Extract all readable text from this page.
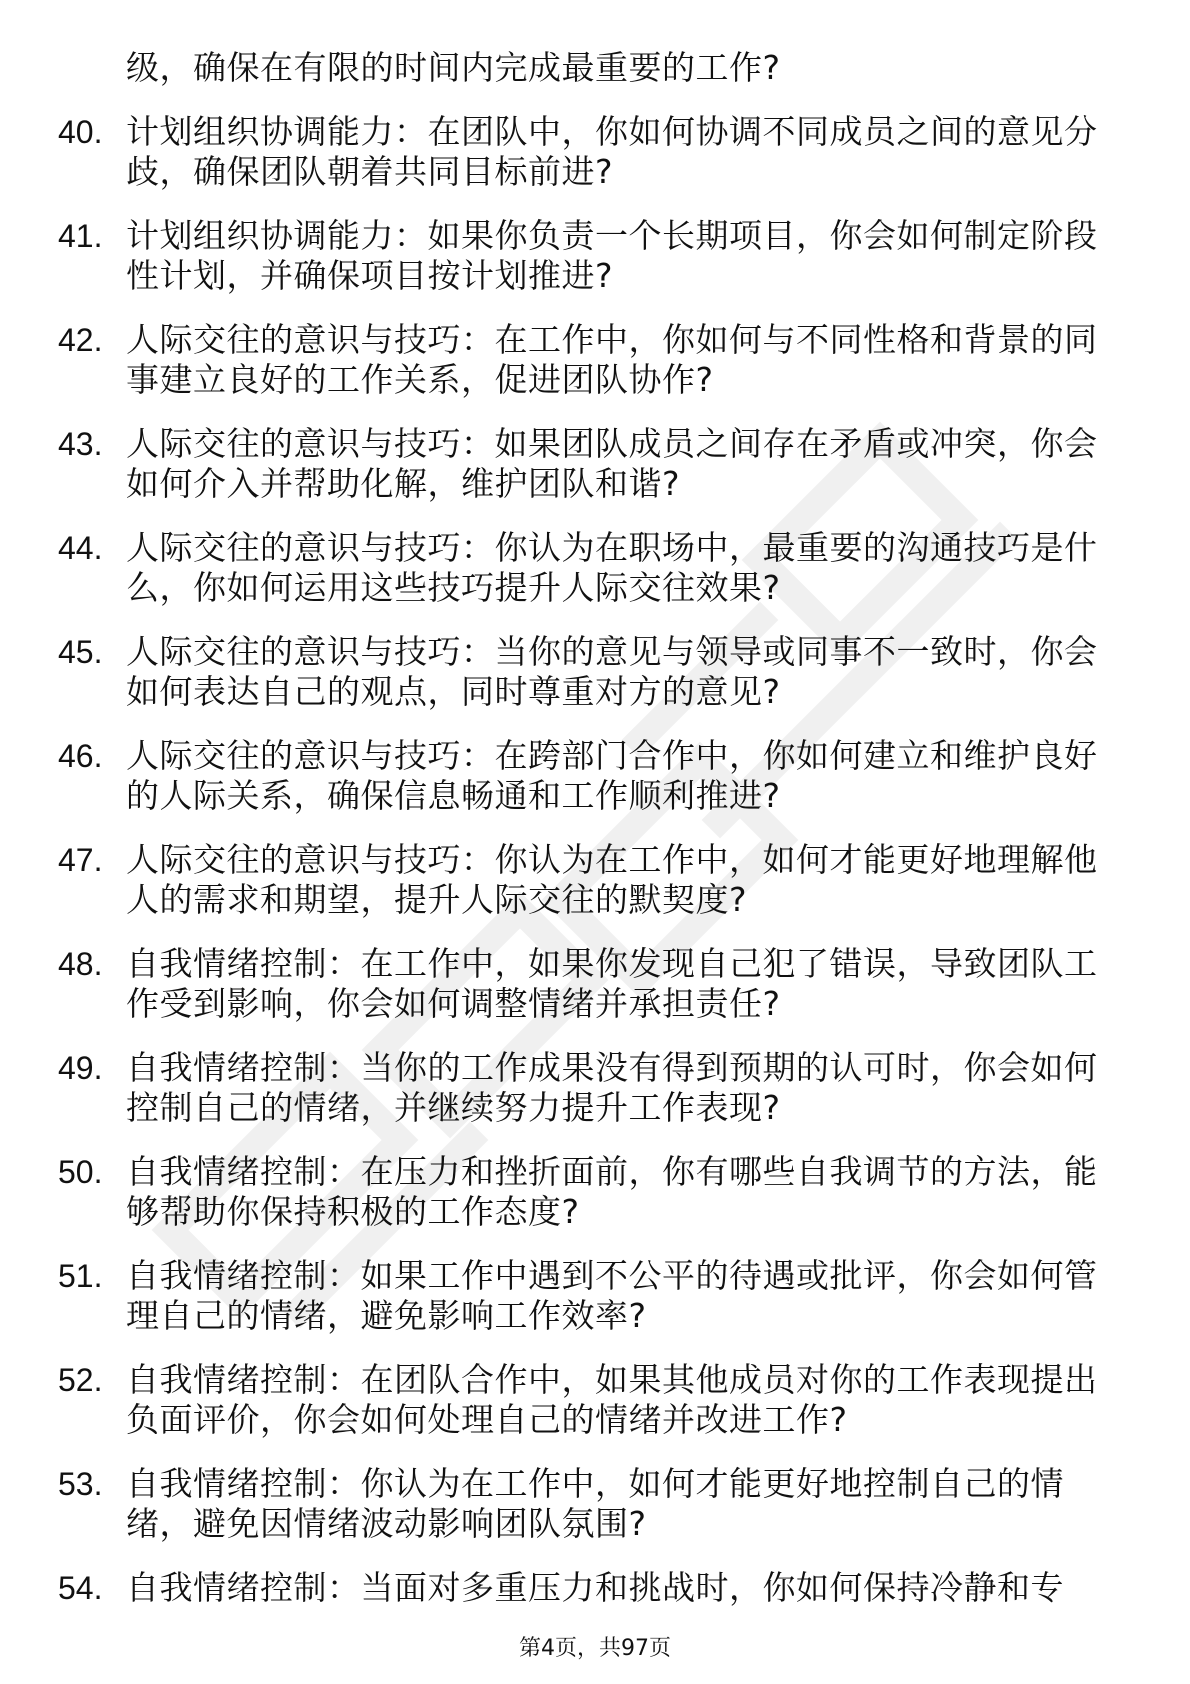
级，确保在有限的时间内完成最重要的工作?
40. 计划组织协调能力：在团队中，你如何协调不同成员之间的意见分歧，确保团队朝着共同目标前进?
41. 计划组织协调能力：如果你负责一个长期项目，你会如何制定阶段性计划，并确保项目按计划推进?
42. 人际交往的意识与技巧：在工作中，你如何与不同性格和背景的同事建立良好的工作关系，促进团队协作?
43. 人际交往的意识与技巧：如果团队成员之间存在矛盾或冲突，你会如何介入并帮助化解，维护团队和谐?
44. 人际交往的意识与技巧：你认为在职场中，最重要的沟通技巧是什么，你如何运用这些技巧提升人际交往效果?
45. 人际交往的意识与技巧：当你的意见与领导或同事不一致时，你会如何表达自己的观点，同时尊重对方的意见?
46. 人际交往的意识与技巧：在跨部门合作中，你如何建立和维护良好的人际关系，确保信息畅通和工作顺利推进?
47. 人际交往的意识与技巧：你认为在工作中，如何才能更好地理解他人的需求和期望，提升人际交往的默契度?
48. 自我情绪控制：在工作中，如果你发现自己犯了错误，导致团队工作受到影响，你会如何调整情绪并承担责任?
49. 自我情绪控制：当你的工作成果没有得到预期的认可时，你会如何控制自己的情绪，并继续努力提升工作表现?
50. 自我情绪控制：在压力和挫折面前，你有哪些自我调节的方法，能够帮助你保持积极的工作态度?
51. 自我情绪控制：如果工作中遇到不公平的待遇或批评，你会如何管理自己的情绪，避免影响工作效率?
52. 自我情绪控制：在团队合作中，如果其他成员对你的工作表现提出负面评价，你会如何处理自己的情绪并改进工作?
53. 自我情绪控制：你认为在工作中，如何才能更好地控制自己的情绪，避免因情绪波动影响团队氛围?
54. 自我情绪控制：当面对多重压力和挑战时，你如何保持冷静和专
第4页，共97页
